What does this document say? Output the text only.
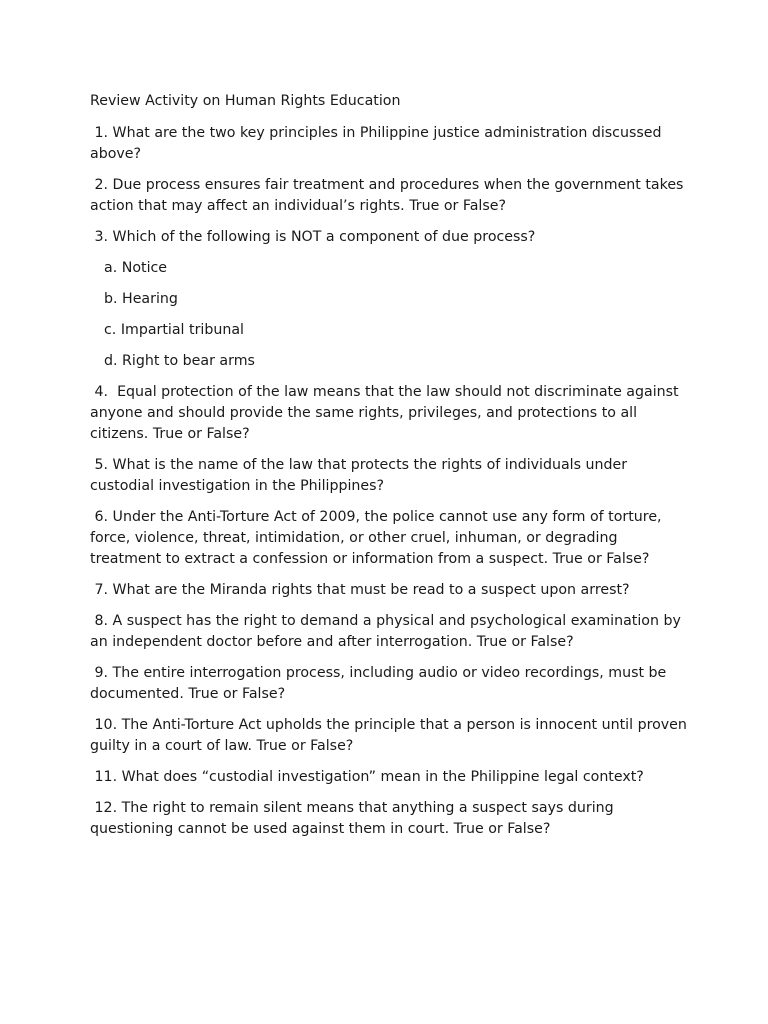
Review Activity on Human Rights Education
1. What are the two key principles in Philippine justice administration discussed above?
2. Due process ensures fair treatment and procedures when the government takes action that may affect an individual’s rights. True or False?
3. Which of the following is NOT a component of due process?
a. Notice
b. Hearing
c. Impartial tribunal
d. Right to bear arms
4.  Equal protection of the law means that the law should not discriminate against anyone and should provide the same rights, privileges, and protections to all citizens. True or False?
5. What is the name of the law that protects the rights of individuals under custodial investigation in the Philippines?
6. Under the Anti-Torture Act of 2009, the police cannot use any form of torture, force, violence, threat, intimidation, or other cruel, inhuman, or degrading treatment to extract a confession or information from a suspect. True or False?
7. What are the Miranda rights that must be read to a suspect upon arrest?
8. A suspect has the right to demand a physical and psychological examination by an independent doctor before and after interrogation. True or False?
9. The entire interrogation process, including audio or video recordings, must be documented. True or False?
10. The Anti-Torture Act upholds the principle that a person is innocent until proven guilty in a court of law. True or False?
11. What does “custodial investigation” mean in the Philippine legal context?
12. The right to remain silent means that anything a suspect says during questioning cannot be used against them in court. True or False?
